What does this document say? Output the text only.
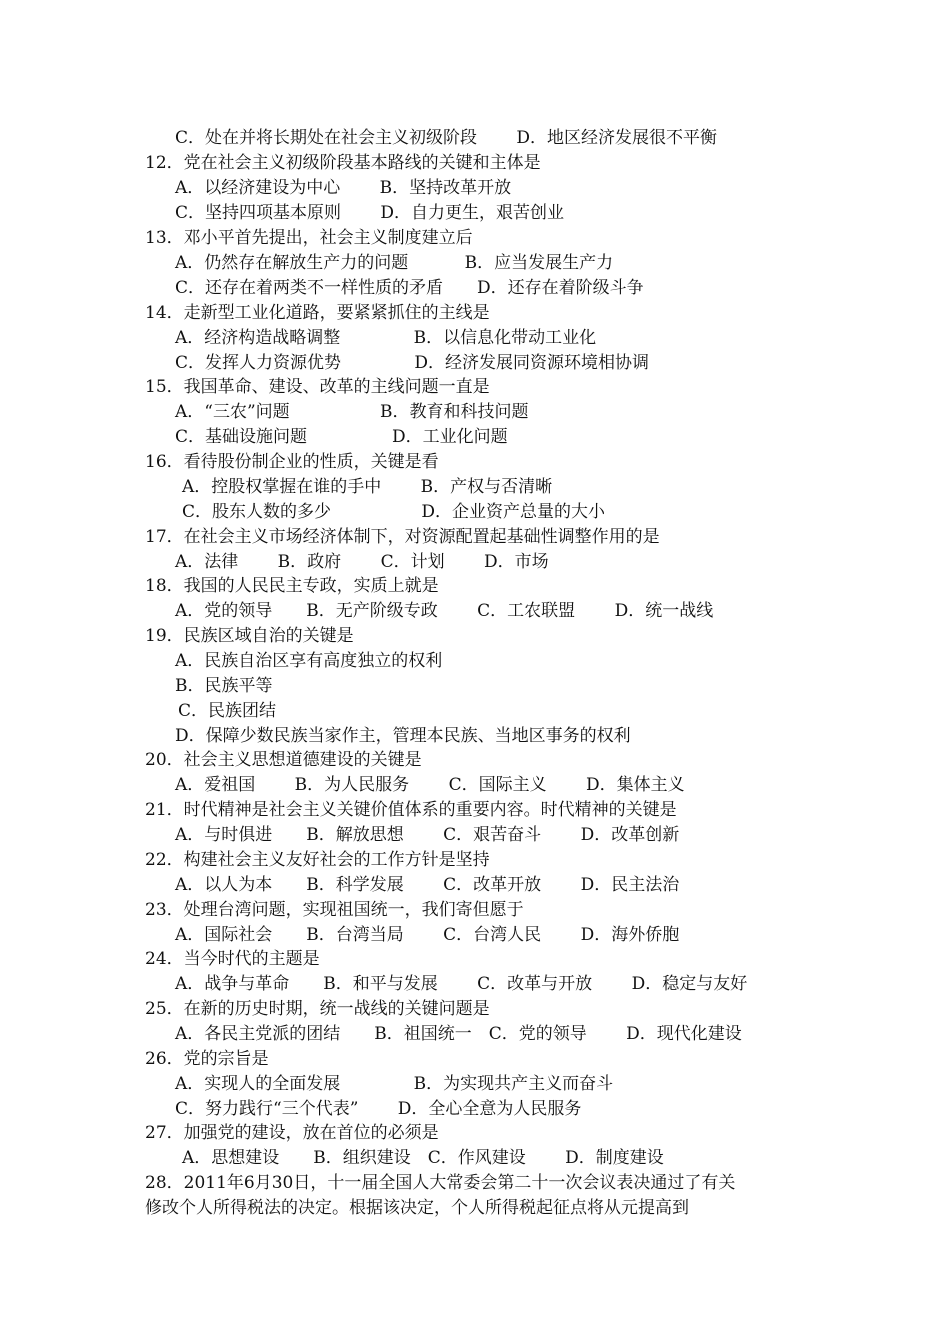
C．处在并将长期处在社会主义初级阶段　　 D．地区经济发展很不平衡
12．党在社会主义初级阶段基本路线的关键和主体是
A．以经济建设为中心　　 B．坚持改革开放
C．坚持四项基本原则　　 D．自力更生，艰苦创业
13．邓小平首先提出，社会主义制度建立后
A．仍然存在解放生产力的问题　　　 B．应当发展生产力
C．还存在着两类不一样性质的矛盾　　D．还存在着阶级斗争
14．走新型工业化道路，要紧紧抓住的主线是
A．经济构造战略调整　　　　 B．以信息化带动工业化
C．发挥人力资源优势　　　　 D．经济发展同资源环境相协调
15．我国革命、建设、改革的主线问题一直是
A．“三农”问题　　　　　 B．教育和科技问题
C．基础设施问题　　　　　D．工业化问题
16．看待股份制企业的性质，关键是看
A．控股权掌握在谁的手中　　 B．产权与否清晰
C．股东人数的多少　　　　　 D．企业资产总量的大小
17．在社会主义市场经济体制下，对资源配置起基础性调整作用的是
A．法律　　 B．政府　　 C．计划　　 D．市场
18．我国的人民民主专政，实质上就是
A．党的领导　　B．无产阶级专政　　 C．工农联盟　　 D．统一战线
19．民族区域自治的关键是
A．民族自治区享有高度独立的权利
B．民族平等
C．民族团结
D．保障少数民族当家作主，管理本民族、当地区事务的权利
20．社会主义思想道德建设的关键是
A．爱祖国　　 B．为人民服务　　 C．国际主义　　 D．集体主义
21．时代精神是社会主义关键价值体系的重要内容。时代精神的关键是
A．与时俱进　　B．解放思想　　 C．艰苦奋斗　　 D．改革创新
22．构建社会主义友好社会的工作方针是坚持
A．以人为本　　B．科学发展　　 C．改革开放　　 D．民主法治
23．处理台湾问题，实现祖国统一，我们寄但愿于
A．国际社会　　B．台湾当局　　 C．台湾人民　　 D．海外侨胞
24．当今时代的主题是
A．战争与革命　　B．和平与发展　　 C．改革与开放　　 D．稳定与友好
25．在新的历史时期，统一战线的关键问题是
A．各民主党派的团结　　B．祖国统一　C．党的领导　　 D．现代化建设
26．党的宗旨是
A．实现人的全面发展　　　　 B．为实现共产主义而奋斗
C．努力践行“三个代表”　　 D．全心全意为人民服务
27．加强党的建设，放在首位的必须是
A．思想建设　　B．组织建设　C．作风建设　　 D．制度建设
28．2011年6月30日，十一届全国人大常委会第二十一次会议表决通过了有关
修改个人所得税法的决定。根据该决定，个人所得税起征点将从元提高到
